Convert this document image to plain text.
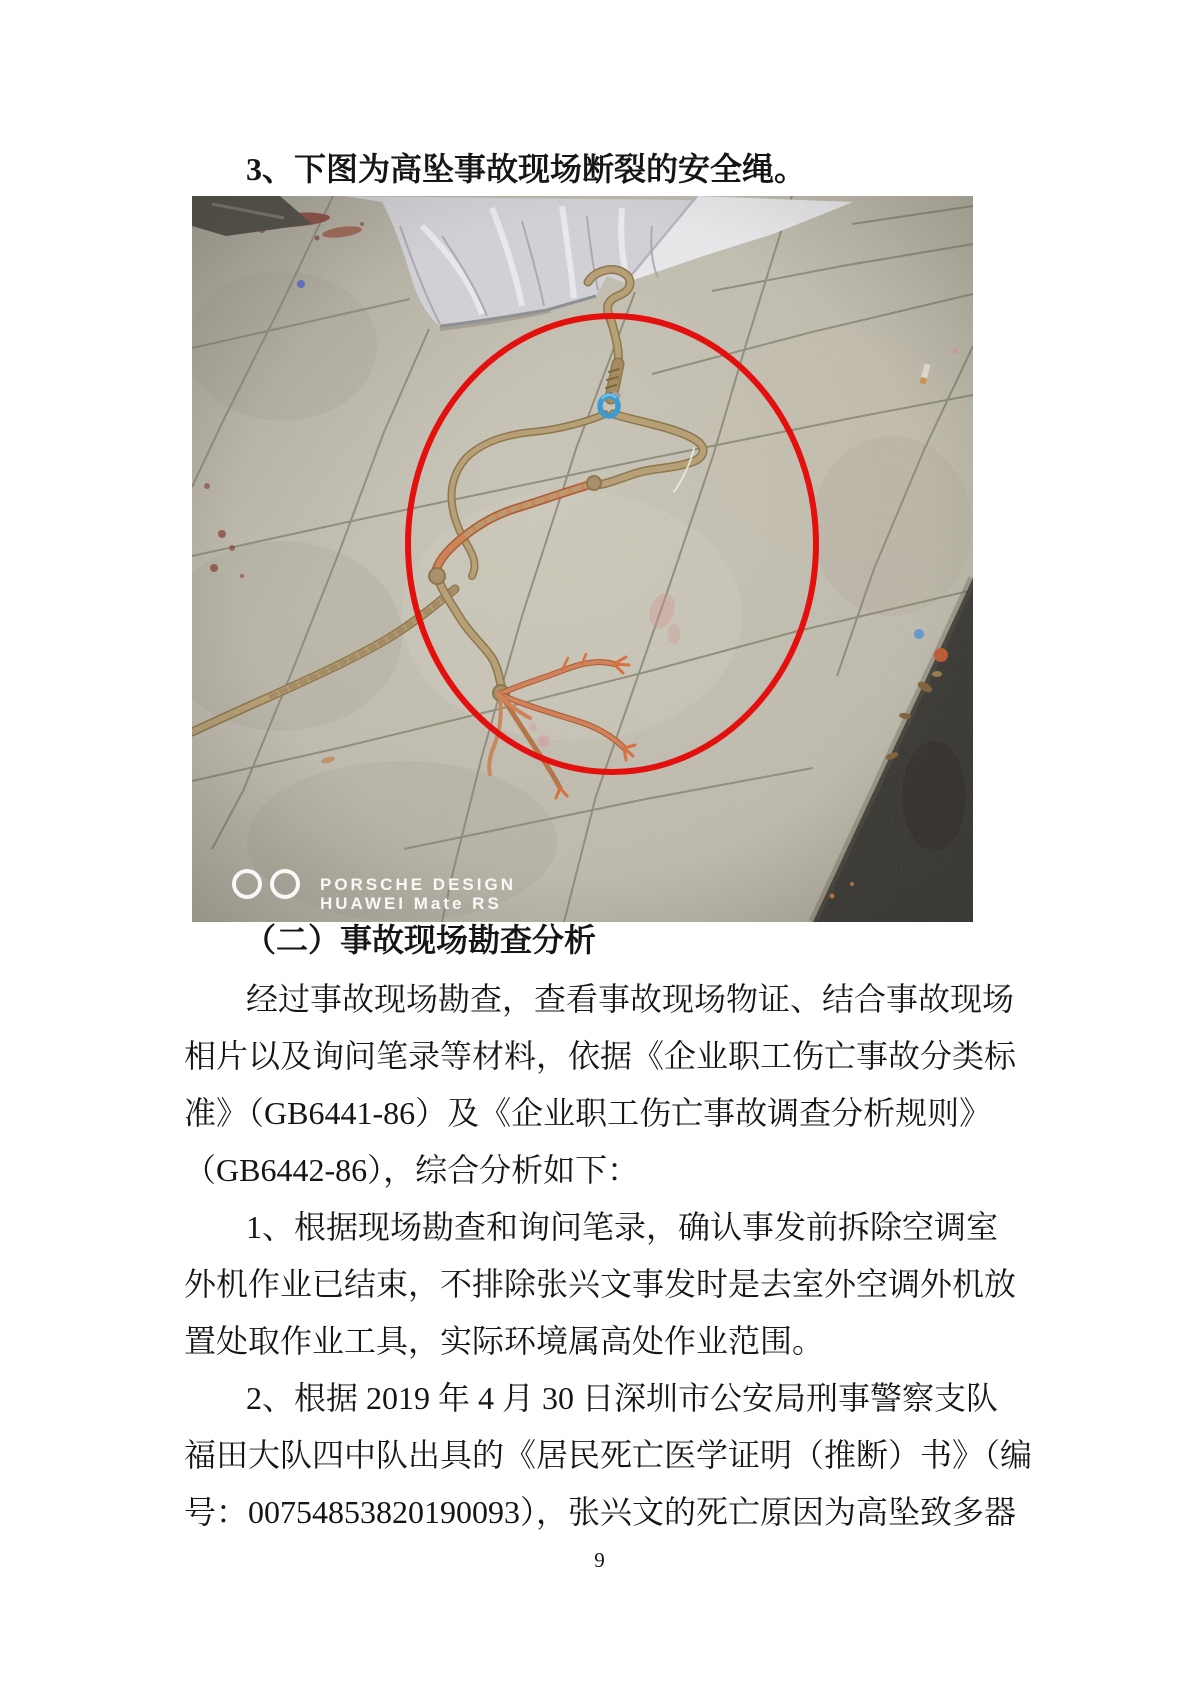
3、下图为高坠事故现场断裂的安全绳。
PORSCHE DESIGN
HUAWEI Mate RS
（二）事故现场勘查分析
经过事故现场勘查，查看事故现场物证、结合事故现场
相片以及询问笔录等材料，依据《企业职工伤亡事故分类标
准》（GB6441-86）及《企业职工伤亡事故调查分析规则》
（GB6442-86），综合分析如下：
1、根据现场勘查和询问笔录，确认事发前拆除空调室
外机作业已结束，不排除张兴文事发时是去室外空调外机放
置处取作业工具，实际环境属高处作业范围。
2、根据 2019 年 4 月 30 日深圳市公安局刑事警察支队
福田大队四中队出具的《居民死亡医学证明（推断）书》（编
号：00754853820190093），张兴文的死亡原因为高坠致多器
9
